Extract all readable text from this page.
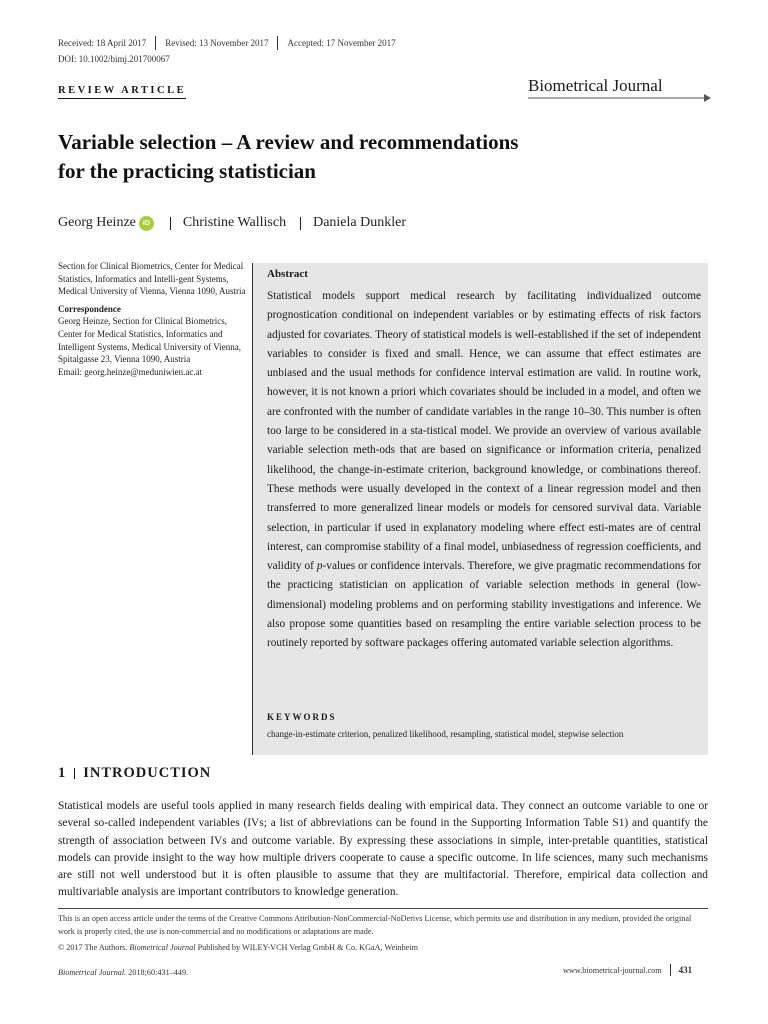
Received: 18 April 2017 Revised: 13 November 2017 Accepted: 17 November 2017
DOI: 10.1002/bimj.201700067
REVIEW ARTICLE	Biometrical Journal
Variable selection – A review and recommendations
for the practicing statistician
Georg Heinze	iD Christine Wallisch Daniela Dunkler
Section for Clinical Biometrics, Center for Medical Statistics, Informatics and Intelli-gent Systems, Medical University of Vienna, Vienna 1090, Austria
Correspondence
Georg Heinze, Section for Clinical Biometrics, Center for Medical Statistics, Informatics and Intelligent Systems, Medical University of Vienna, Spitalgasse 23, Vienna 1090, Austria
Email: georg.heinze@meduniwien.ac.at
Abstract
Statistical models support medical research by facilitating individualized outcome prognostication conditional on independent variables or by estimating effects of risk factors adjusted for covariates. Theory of statistical models is well-established if the set of independent variables to consider is fixed and small. Hence, we can assume that effect estimates are unbiased and the usual methods for confidence interval estimation are valid. In routine work, however, it is not known a priori which covariates should be included in a model, and often we are confronted with the number of candidate variables in the range 10–30. This number is often too large to be considered in a sta-tistical model. We provide an overview of various available variable selection meth-ods that are based on significance or information criteria, penalized likelihood, the change-in-estimate criterion, background knowledge, or combinations thereof. These methods were usually developed in the context of a linear regression model and then transferred to more generalized linear models or models for censored survival data. Variable selection, in particular if used in explanatory modeling where effect esti-mates are of central interest, can compromise stability of a final model, unbiasedness of regression coefficients, and validity of p-values or confidence intervals. Therefore, we give pragmatic recommendations for the practicing statistician on application of variable selection methods in general (low-dimensional) modeling problems and on performing stability investigations and inference. We also propose some quantities based on resampling the entire variable selection process to be routinely reported by software packages offering automated variable selection algorithms.
KEYWORDS
change-in-estimate criterion, penalized likelihood, resampling, statistical model, stepwise selection
1 INTRODUCTION

Statistical models are useful tools applied in many research fields dealing with empirical data. They connect an outcome variable to one or several so-called independent variables (IVs; a list of abbreviations can be found in the Supporting Information Table S1) and quantify the strength of association between IVs and outcome variable. By expressing these associations in simple, inter-pretable quantities, statistical models can provide insight to the way how multiple drivers cooperate to cause a specific outcome. In life sciences, many such mechanisms are still not well understood but it is often plausible to assume that they are multifactorial. Therefore, empirical data collection and multivariable analysis are important contributors to knowledge generation.

This is an open access article under the terms of the Creative Commons Attribution-NonCommercial-NoDerivs License, which permits use and distribution in any medium, provided the original work is properly cited, the use is non-commercial and no modifications or adaptations are made.

© 2017 The Authors. Biometrical Journal Published by WILEY-VCH Verlag GmbH & Co. KGaA, Weinheim

Biometrical Journal. 2018;60:431–449.	www.biometrical-journal.com 431
